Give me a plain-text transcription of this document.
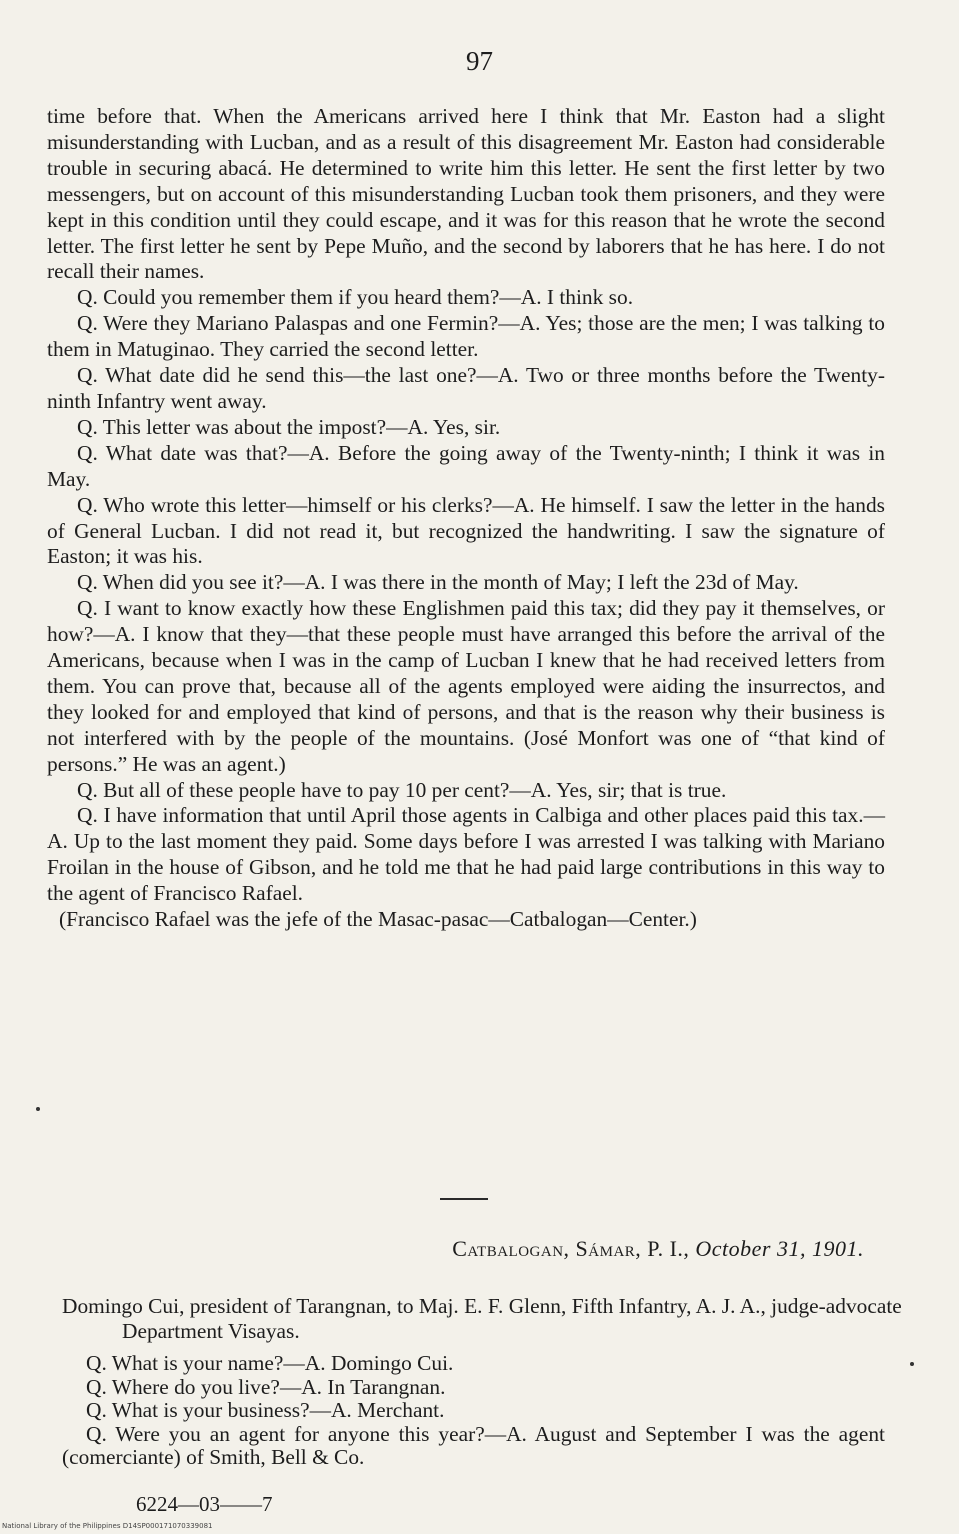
97

time before that. When the Americans arrived here I think that Mr. Easton had a slight misunderstanding with Lucban, and as a result of this disagreement Mr. Easton had considerable trouble in securing abacá. He determined to write him this letter. He sent the first letter by two messengers, but on account of this misunderstanding Lucban took them prisoners, and they were kept in this condition until they could escape, and it was for this reason that he wrote the second letter. The first letter he sent by Pepe Muño, and the second by laborers that he has here. I do not recall their names.

Q. Could you remember them if you heard them?—A. I think so.

Q. Were they Mariano Palaspas and one Fermin?—A. Yes; those are the men; I was talking to them in Matuginao. They carried the second letter.

Q. What date did he send this—the last one?—A. Two or three months before the Twenty-ninth Infantry went away.

Q. This letter was about the impost?—A. Yes, sir.

Q. What date was that?—A. Before the going away of the Twenty-ninth; I think it was in May.

Q. Who wrote this letter—himself or his clerks?—A. He himself. I saw the letter in the hands of General Lucban. I did not read it, but recognized the handwriting. I saw the signature of Easton; it was his.

Q. When did you see it?—A. I was there in the month of May; I left the 23d of May.

Q. I want to know exactly how these Englishmen paid this tax; did they pay it themselves, or how?—A. I know that they—that these people must have arranged this before the arrival of the Americans, because when I was in the camp of Lucban I knew that he had received letters from them. You can prove that, because all of the agents employed were aiding the insurrectos, and they looked for and employed that kind of persons, and that is the reason why their business is not interfered with by the people of the mountains. (José Monfort was one of “that kind of persons.” He was an agent.)

Q. But all of these people have to pay 10 per cent?—A. Yes, sir; that is true.

Q. I have information that until April those agents in Calbiga and other places paid this tax.—A. Up to the last moment they paid. Some days before I was arrested I was talking with Mariano Froilan in the house of Gibson, and he told me that he had paid large contributions in this way to the agent of Francisco Rafael.

(Francisco Rafael was the jefe of the Masac-pasac—Catbalogan—Center.)

Catbalogan, Sámar, P. I., October 31, 1901.
Domingo Cui, president of Tarangnan, to Maj. E. F. Glenn, Fifth Infantry, A. J. A., judge-advocate Department Visayas.

Q. What is your name?—A. Domingo Cui.

Q. Where do you live?—A. In Tarangnan.

Q. What is your business?—A. Merchant.

Q. Were you an agent for anyone this year?—A. August and September I was the agent (comerciante) of Smith, Bell & Co.

6224—03——7
National Library of the Philippines D14SP000171070339081
